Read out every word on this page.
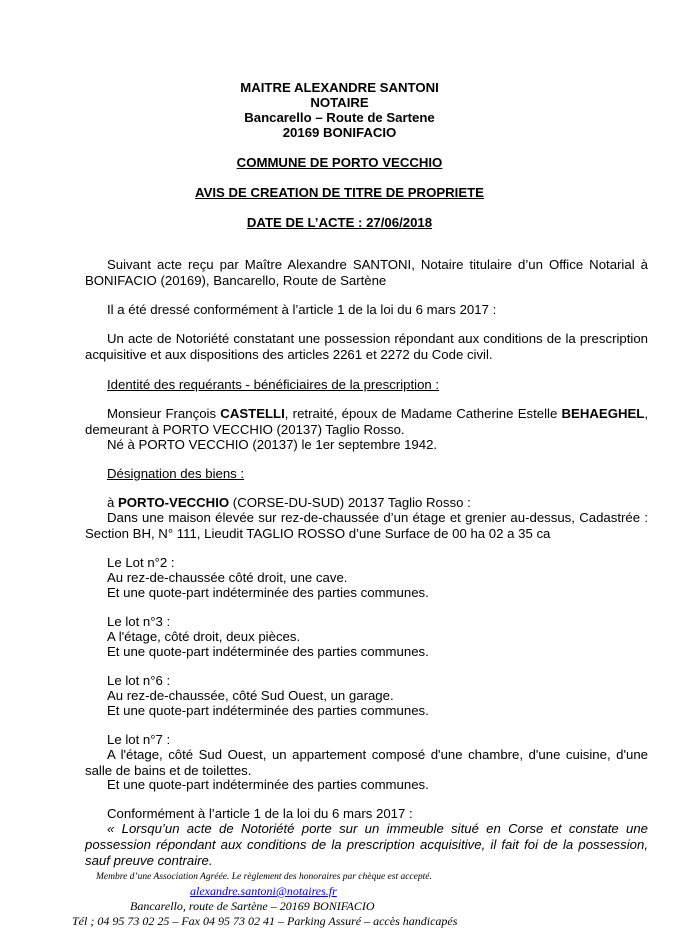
MAITRE ALEXANDRE SANTONI
NOTAIRE
Bancarello – Route de Sartene
20169 BONIFACIO
COMMUNE DE PORTO VECCHIO
AVIS DE CREATION DE TITRE DE PROPRIETE
DATE DE L’ACTE : 27/06/2018
Suivant acte reçu par Maître Alexandre SANTONI, Notaire titulaire d’un Office Notarial à BONIFACIO (20169), Bancarello, Route de Sartène
Il a été dressé conformément à l’article 1 de la loi du 6 mars 2017 :
Un acte de Notoriété constatant une possession répondant aux conditions de la prescription acquisitive et aux dispositions des articles 2261 et 2272 du Code civil.
Identité des requérants - bénéficiaires de la prescription :
Monsieur François CASTELLI, retraité, époux de Madame Catherine Estelle BEHAEGHEL, demeurant à PORTO VECCHIO (20137) Taglio Rosso.
Né à PORTO VECCHIO (20137) le 1er septembre 1942.
Désignation des biens :
à PORTO-VECCHIO (CORSE-DU-SUD) 20137 Taglio Rosso :
Dans une maison élevée sur rez-de-chaussée d’un étage et grenier au-dessus, Cadastrée : Section BH, N° 111, Lieudit TAGLIO ROSSO d’une Surface de 00 ha 02 a 35 ca
Le Lot n°2 :
Au rez-de-chaussée côté droit, une cave.
Et une quote-part indéterminée des parties communes.
Le lot n°3 :
A l'étage, côté droit, deux pièces.
Et une quote-part indéterminée des parties communes.
Le lot n°6 :
Au rez-de-chaussée, côté Sud Ouest, un garage.
Et une quote-part indéterminée des parties communes.
Le lot n°7 :
A l'étage, côté Sud Ouest, un appartement composé d'une chambre, d'une cuisine, d'une salle de bains et de toilettes.
Et une quote-part indéterminée des parties communes.
Conformément à l’article 1 de la loi du 6 mars 2017 :
« Lorsqu’un acte de Notoriété porte sur un immeuble situé en Corse et constate une possession répondant aux conditions de la prescription acquisitive, il fait foi de la possession, sauf preuve contraire.
Membre d’une Association Agréée. Le règlement des honoraires par chèque est accepté.
alexandre.santoni@notaires.fr
Bancarello, route de Sartène – 20169 BONIFACIO
Tél ; 04 95 73 02 25 – Fax 04 95 73 02 41 – Parking Assuré – accès handicapés
